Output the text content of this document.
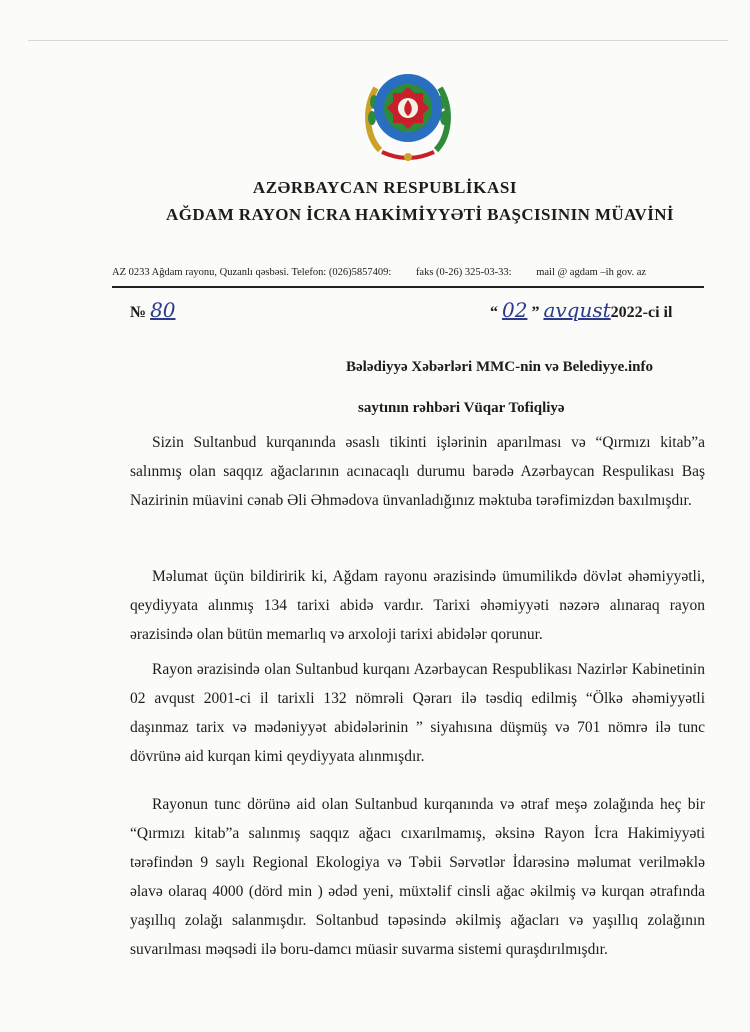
AZƏRBAYCAN RESPUBLİKASI
AĞDAM RAYON İCRA HAKİMİYYƏTİ BAŞCISININ MÜAVİNİ
AZ 0233 Ağdam rayonu, Quzanlı qəsbəsi. Telefon: (026)5857409: faks (0-26) 325-03-33: mail @ agdam –ih gov. az
№ 80	“ 02 ” avqust2022-ci il
Bələdiyyə Xəbərləri MMC-nin və Belediyye.info
saytının rəhbəri Vüqar Tofiqliyə

Sizin Sultanbud kurqanında əsaslı tikinti işlərinin aparılması və “Qırmızı kitab”a salınmış olan saqqız ağaclarının acınacaqlı durumu barədə Azərbaycan Respulikası Baş Nazirinin müavini cənab Əli Əhmədova ünvanladığınız məktuba tərəfimizdən baxılmışdır.

Məlumat üçün bildiririk ki, Ağdam rayonu ərazisində ümumilikdə dövlət əhəmiyyətli, qeydiyyata alınmış 134 tarixi abidə vardır. Tarixi əhəmiyyəti nəzərə alınaraq rayon ərazisində olan bütün memarlıq və arxoloji tarixi abidələr qorunur.

Rayon ərazisində olan Sultanbud kurqanı Azərbaycan Respublikası Nazirlər Kabinetinin 02 avqust 2001-ci il tarixli 132 nömrəli Qərarı ilə təsdiq edilmiş “Ölkə əhəmiyyətli daşınmaz tarix və mədəniyyət abidələrinin ” siyahısına düşmüş və 701 nömrə ilə tunc dövrünə aid kurqan kimi qeydiyyata alınmışdır.

Rayonun tunc dörünə aid olan Sultanbud kurqanında və ətraf meşə zolağında heç bir “Qırmızı kitab”a salınmış saqqız ağacı cıxarılmamış, əksinə Rayon İcra Hakimiyyəti tərəfindən 9 saylı Regional Ekologiya və Təbii Sərvətlər İdarəsinə məlumat verilməklə əlavə olaraq 4000 (dörd min ) ədəd yeni, müxtəlif cinsli ağac əkilmiş və kurqan ətrafında yaşıllıq zolağı salanmışdır. Soltanbud təpəsində əkilmiş ağacları və yaşıllıq zolağının suvarılması məqsədi ilə boru-damcı müasir suvarma sistemi quraşdırılmışdır.
